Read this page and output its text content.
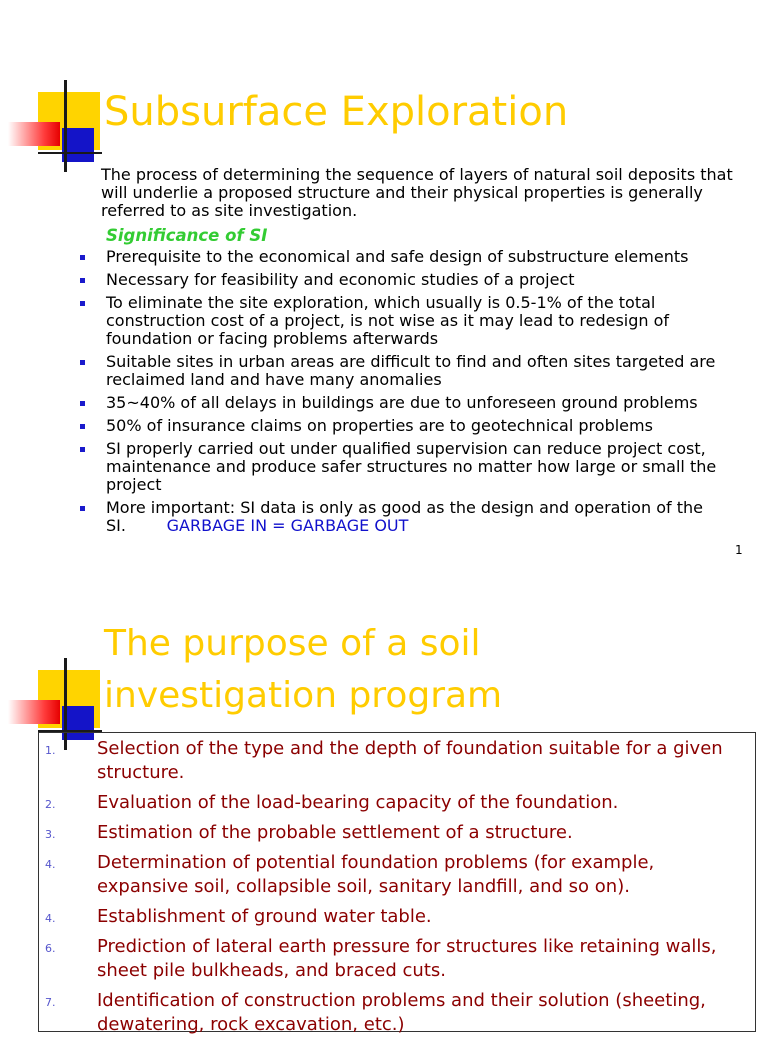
Subsurface Exploration

The process of determining the sequence of layers of natural soil deposits that will underlie a proposed structure and their physical properties is generally referred to as site investigation.

Significance of SI
Prerequisite to the economical and safe design of substructure elements
Necessary for feasibility and economic studies of a project
To eliminate the site exploration, which usually is 0.5-1% of the total construction cost of a project, is not wise as it may lead to redesign of foundation or facing problems afterwards
Suitable sites in urban areas are difficult to find and often sites targeted are reclaimed land and have many anomalies
35~40% of all delays in buildings are due to unforeseen ground problems
50% of insurance claims on properties are to geotechnical problems
SI properly carried out under qualified supervision can reduce project cost, maintenance and produce safer structures no matter how large or small the project
More important: SI data is only as good as the design and operation of the SI.	GARBAGE IN = GARBAGE OUT
1
The purpose of a soil investigation program
1. Selection of the type and the depth of foundation suitable for a given structure.
2. Evaluation of the load-bearing capacity of the foundation.
3. Estimation of the probable settlement of a structure.
4. Determination of potential foundation problems (for example, expansive soil, collapsible soil, sanitary landfill, and so on).
4. Establishment of ground water table.
6. Prediction of lateral earth pressure for structures like retaining walls, sheet pile bulkheads, and braced cuts.
7. Identification of construction problems and their solution (sheeting, dewatering, rock excavation, etc.)
